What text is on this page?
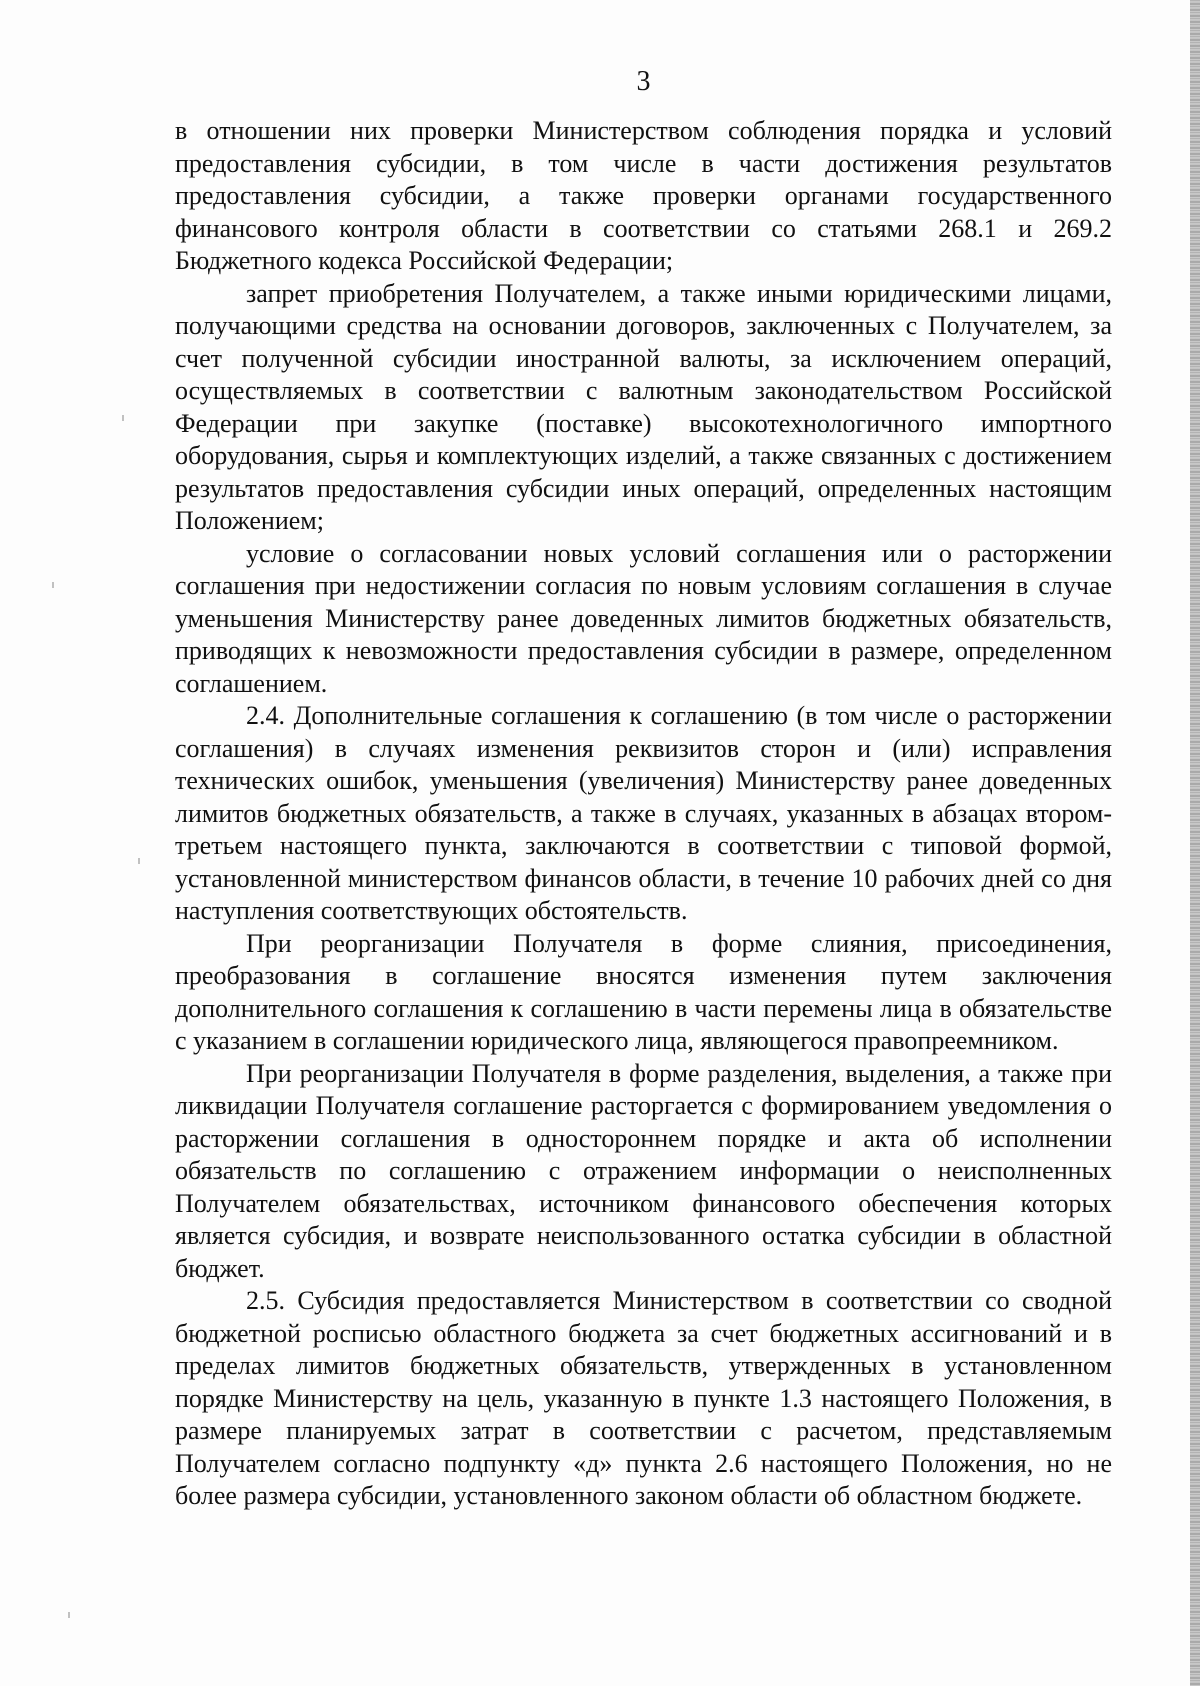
3

в отношении них проверки Министерством соблюдения порядка и условий предоставления субсидии, в том числе в части достижения результатов предоставления субсидии, а также проверки органами государственного финансового контроля области в соответствии со статьями 268.1 и 269.2 Бюджетного кодекса Российской Федерации;

запрет приобретения Получателем, а также иными юридическими лицами, получающими средства на основании договоров, заключенных с Получателем, за счет полученной субсидии иностранной валюты, за исключением операций, осуществляемых в соответствии с валютным законодательством Российской Федерации при закупке (поставке) высокотехнологичного импортного оборудования, сырья и комплектующих изделий, а также связанных с достижением результатов предоставления субсидии иных операций, определенных настоящим Положением;

условие о согласовании новых условий соглашения или о расторжении соглашения при недостижении согласия по новым условиям соглашения в случае уменьшения Министерству ранее доведенных лимитов бюджетных обязательств, приводящих к невозможности предоставления субсидии в размере, определенном соглашением.

2.4. Дополнительные соглашения к соглашению (в том числе о расторжении соглашения) в случаях изменения реквизитов сторон и (или) исправления технических ошибок, уменьшения (увеличения) Министерству ранее доведенных лимитов бюджетных обязательств, а также в случаях, указанных в абзацах втором-третьем настоящего пункта, заключаются в соответствии с типовой формой, установленной министерством финансов области, в течение 10 рабочих дней со дня наступления соответствующих обстоятельств.

При реорганизации Получателя в форме слияния, присоединения, преобразования в соглашение вносятся изменения путем заключения дополнительного соглашения к соглашению в части перемены лица в обязательстве с указанием в соглашении юридического лица, являющегося правопреемником.

При реорганизации Получателя в форме разделения, выделения, а также при ликвидации Получателя соглашение расторгается с формированием уведомления о расторжении соглашения в одностороннем порядке и акта об исполнении обязательств по соглашению с отражением информации о неисполненных Получателем обязательствах, источником финансового обеспечения которых является субсидия, и возврате неиспользованного остатка субсидии в областной бюджет.

2.5. Субсидия предоставляется Министерством в соответствии со сводной бюджетной росписью областного бюджета за счет бюджетных ассигнований и в пределах лимитов бюджетных обязательств, утвержденных в установленном порядке Министерству на цель, указанную в пункте 1.3 настоящего Положения, в размере планируемых затрат в соответствии с расчетом, представляемым Получателем согласно подпункту «д» пункта 2.6 настоящего Положения, но не более размера субсидии, установленного законом области об областном бюджете.
